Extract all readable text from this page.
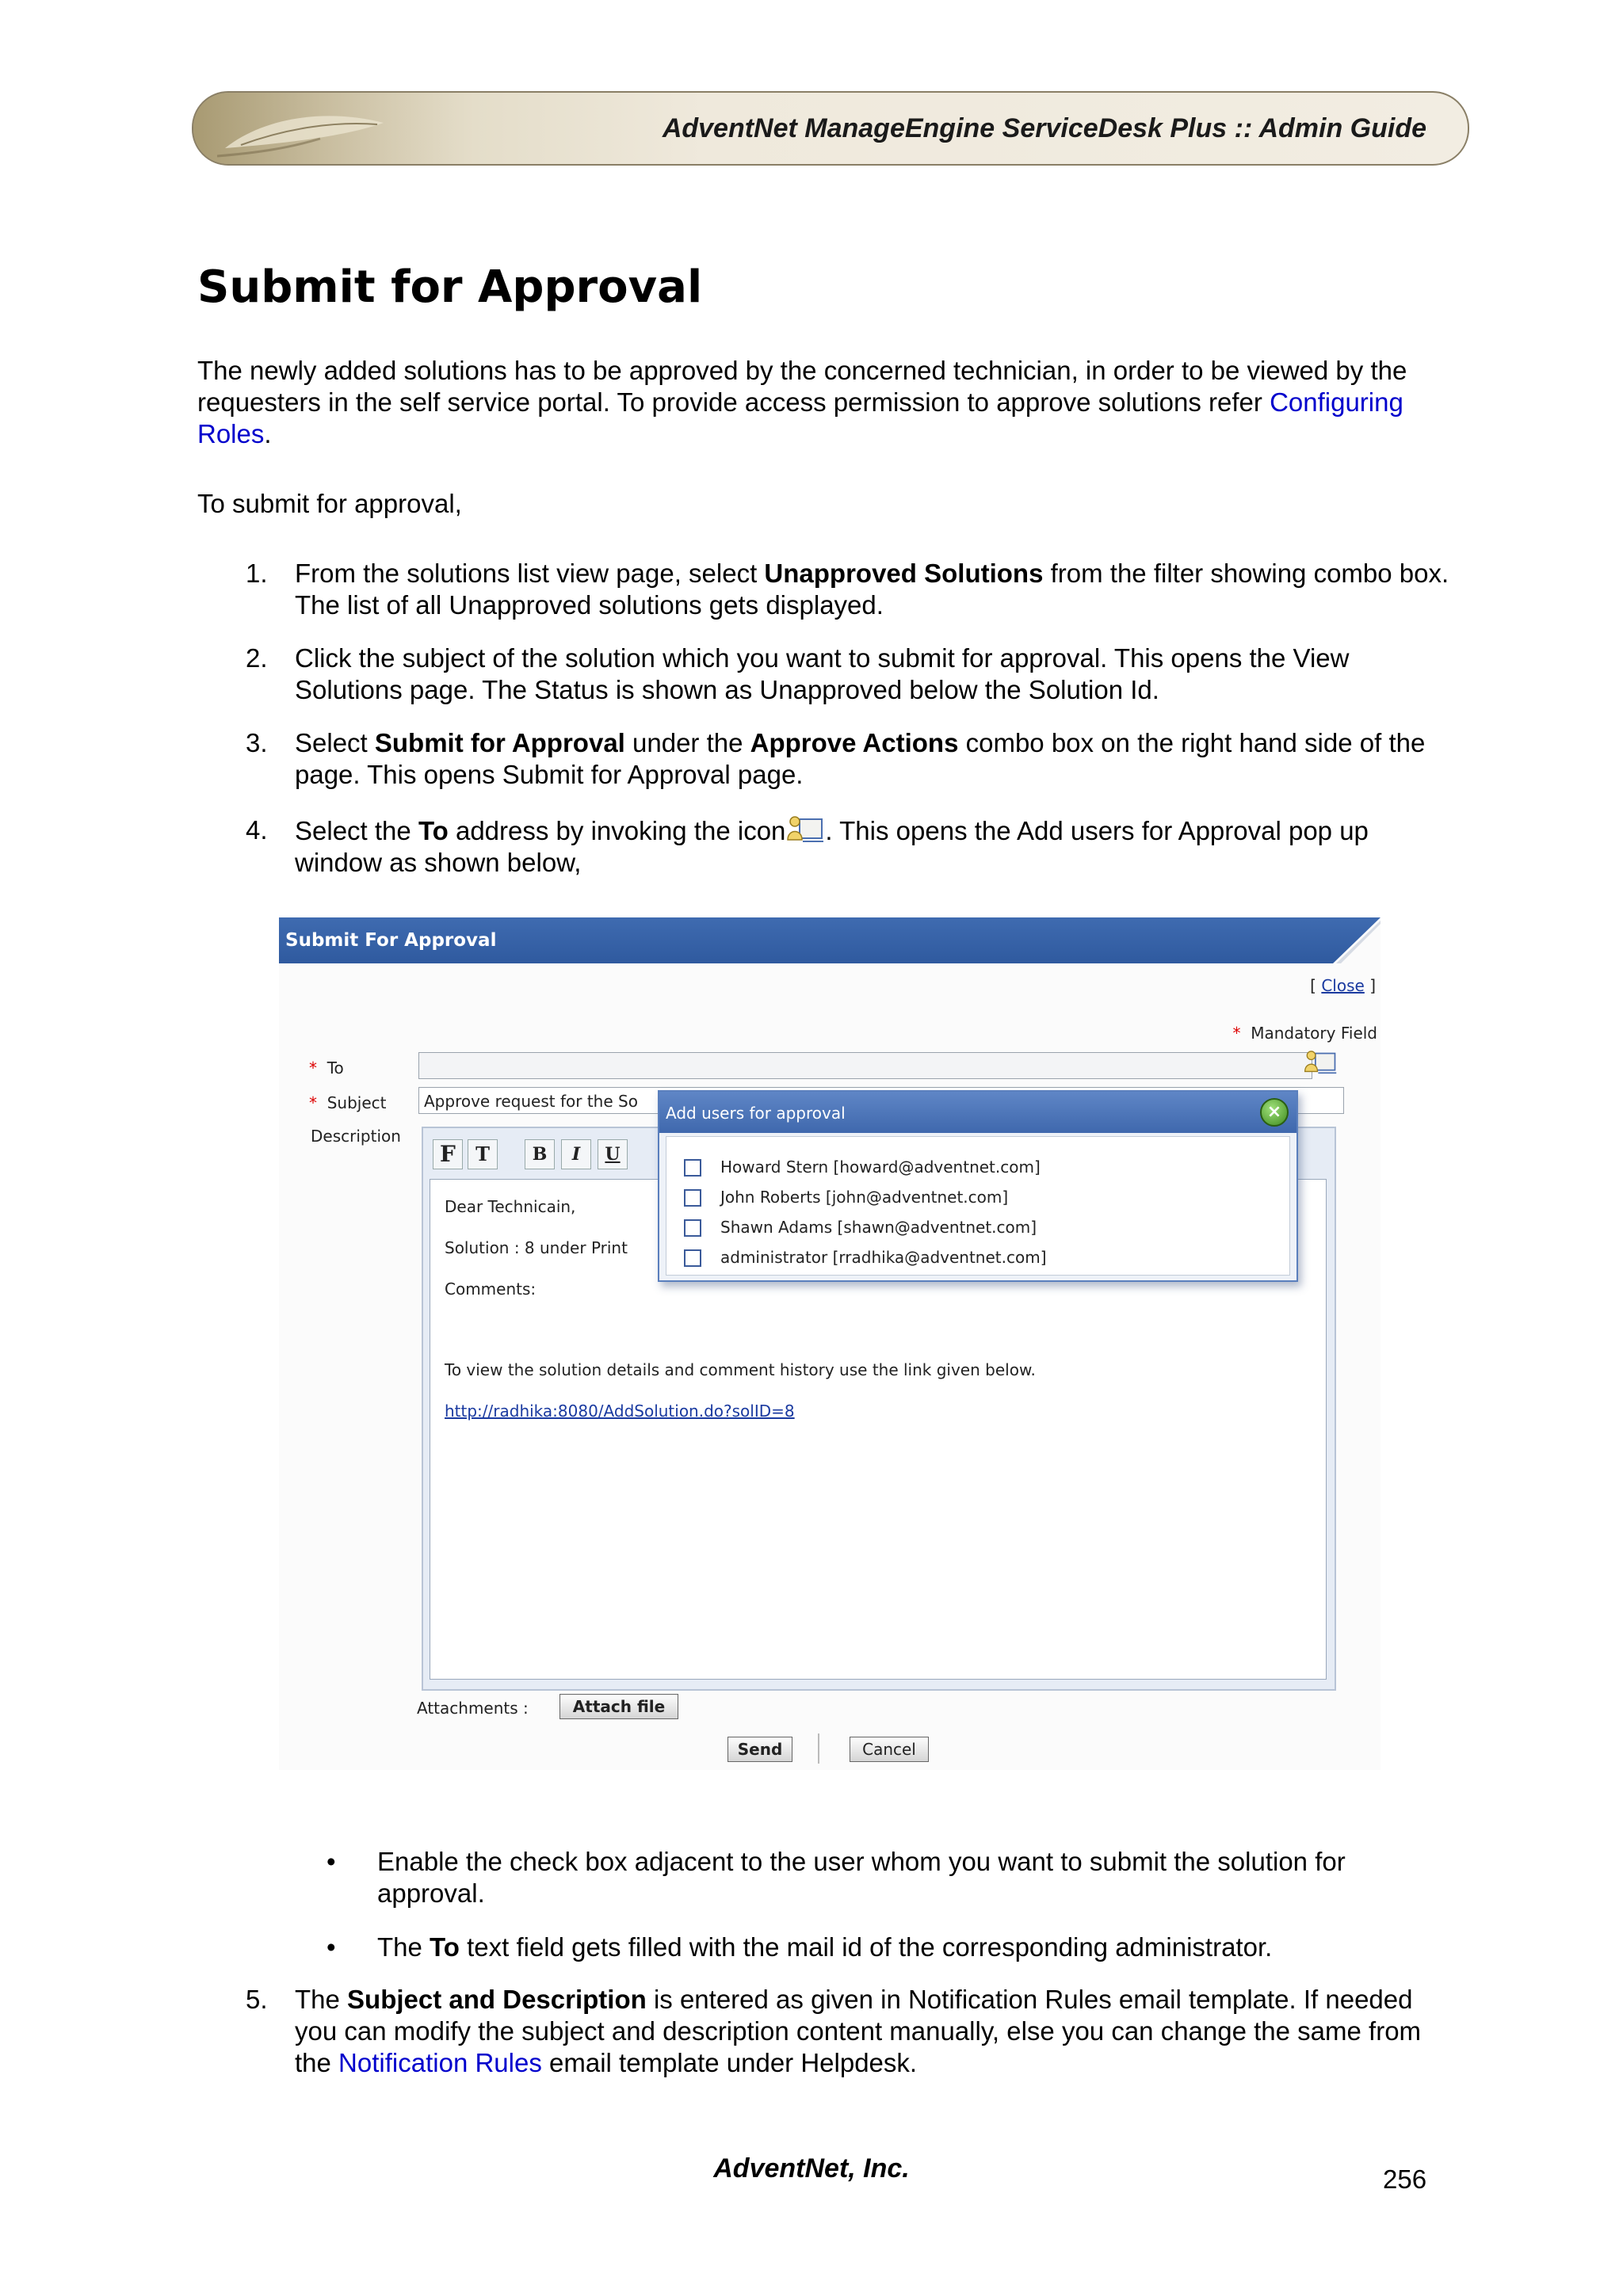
AdventNet ManageEngine ServiceDesk Plus :: Admin Guide
Submit for Approval
The newly added solutions has to be approved by the concerned technician, in order to be viewed by the requesters in the self service portal. To provide access permission to approve solutions refer Configuring Roles.
To submit for approval,
1. From the solutions list view page, select Unapproved Solutions from the filter showing combo box. The list of all Unapproved solutions gets displayed.
2. Click the subject of the solution which you want to submit for approval. This opens the View Solutions page. The Status is shown as Unapproved below the Solution Id.
3. Select Submit for Approval under the Approve Actions combo box on the right hand side of the page. This opens Submit for Approval page.
4. Select the To address by invoking the icon . This opens the Add users for Approval pop up window as shown below,
Submit For Approval
[ Close ]
* Mandatory Field
* To
* Subject Approve request for the So
Description
F	T	B	I	U
Dear Technicain,
Solution : 8 under Print
Comments:
To view the solution details and comment history use the link given below.
http://radhika:8080/AddSolution.do?solID=8
Add users for approval	×
Howard Stern [howard@adventnet.com]
John Roberts [john@adventnet.com]
Shawn Adams [shawn@adventnet.com]
administrator [rradhika@adventnet.com]
Attachments :	Attach file
Send	Cancel
• Enable the check box adjacent to the user whom you want to submit the solution for approval.
• The To text field gets filled with the mail id of the corresponding administrator.
5. The Subject and Description is entered as given in Notification Rules email template. If needed you can modify the subject and description content manually, else you can change the same from the Notification Rules email template under Helpdesk.
AdventNet, Inc.	256
